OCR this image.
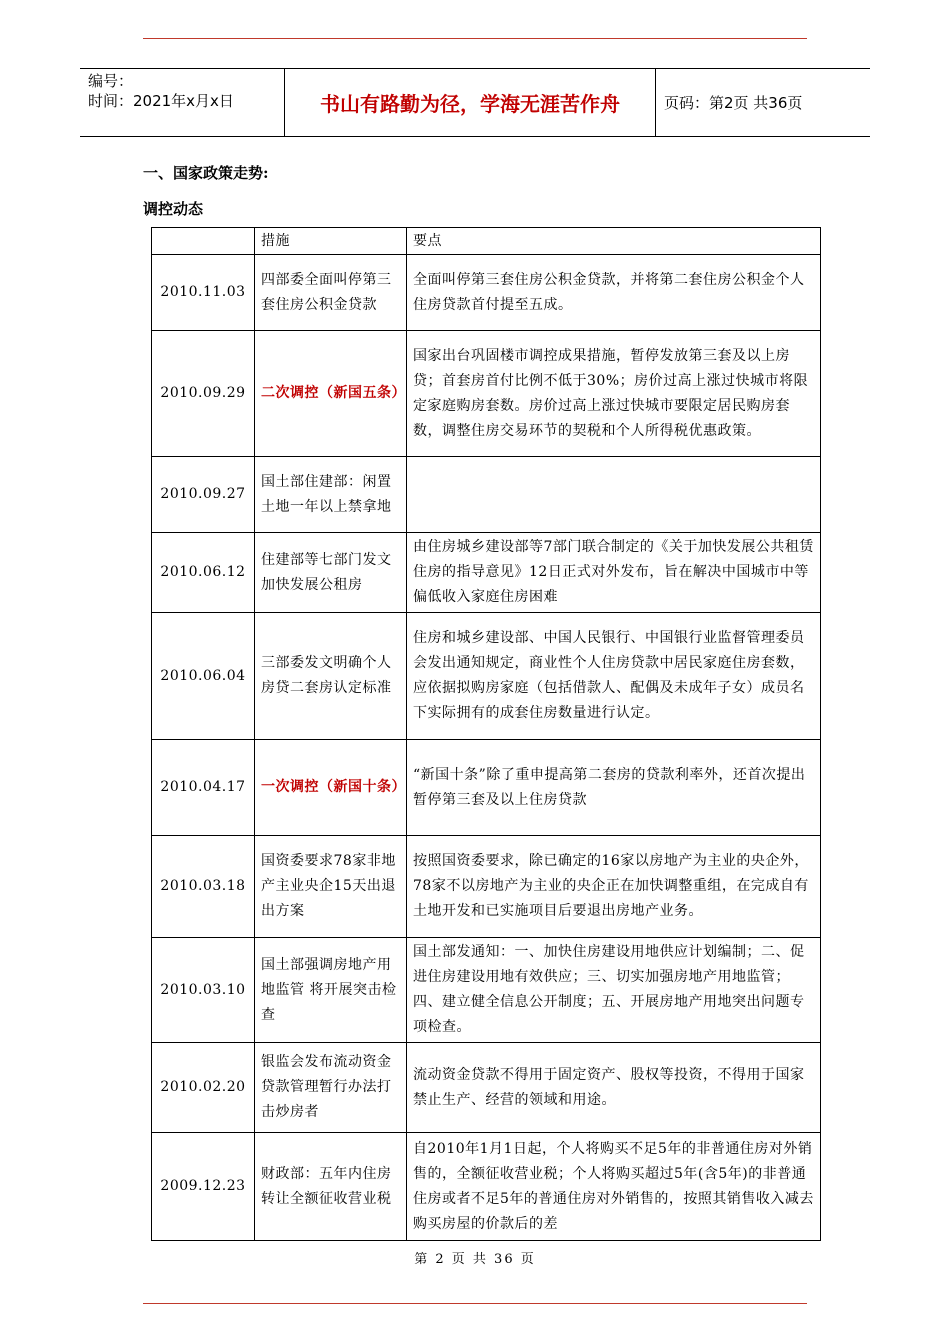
编号：
时间：2021年x月x日	书山有路勤为径，学海无涯苦作舟	页码：第2页 共36页
一、国家政策走势:
调控动态
	措施	要点
2010.11.03	四部委全面叫停第三套住房公积金贷款	全面叫停第三套住房公积金贷款，并将第二套住房公积金个人住房贷款首付提至五成。
2010.09.29	二次调控（新国五条）	国家出台巩固楼市调控成果措施，暂停发放第三套及以上房贷；首套房首付比例不低于30%；房价过高上涨过快城市将限定家庭购房套数。房价过高上涨过快城市要限定居民购房套数，调整住房交易环节的契税和个人所得税优惠政策。
2010.09.27	国土部住建部：闲置土地一年以上禁拿地	
2010.06.12	住建部等七部门发文 加快发展公租房	由住房城乡建设部等7部门联合制定的《关于加快发展公共租赁住房的指导意见》12日正式对外发布，旨在解决中国城市中等偏低收入家庭住房困难
2010.06.04	三部委发文明确个人房贷二套房认定标准	住房和城乡建设部、中国人民银行、中国银行业监督管理委员会发出通知规定，商业性个人住房贷款中居民家庭住房套数，应依据拟购房家庭（包括借款人、配偶及未成年子女）成员名下实际拥有的成套住房数量进行认定。
2010.04.17	一次调控（新国十条）	“新国十条”除了重申提高第二套房的贷款利率外，还首次提出暂停第三套及以上住房贷款
2010.03.18	国资委要求78家非地产主业央企15天出退出方案	按照国资委要求，除已确定的16家以房地产为主业的央企外，78家不以房地产为主业的央企正在加快调整重组，在完成自有土地开发和已实施项目后要退出房地产业务。
2010.03.10	国土部强调房地产用地监管 将开展突击检查	国土部发通知：一、加快住房建设用地供应计划编制；二、促进住房建设用地有效供应；三、切实加强房地产用地监管；四、建立健全信息公开制度；五、开展房地产用地突出问题专项检查。
2010.02.20	银监会发布流动资金贷款管理暂行办法打击炒房者	流动资金贷款不得用于固定资产、股权等投资，不得用于国家禁止生产、经营的领域和用途。
2009.12.23	财政部：五年内住房转让全额征收营业税	自2010年1月1日起，个人将购买不足5年的非普通住房对外销售的，全额征收营业税；个人将购买超过5年(含5年)的非普通住房或者不足5年的普通住房对外销售的，按照其销售收入减去购买房屋的价款后的差
第 2 页 共 36 页
